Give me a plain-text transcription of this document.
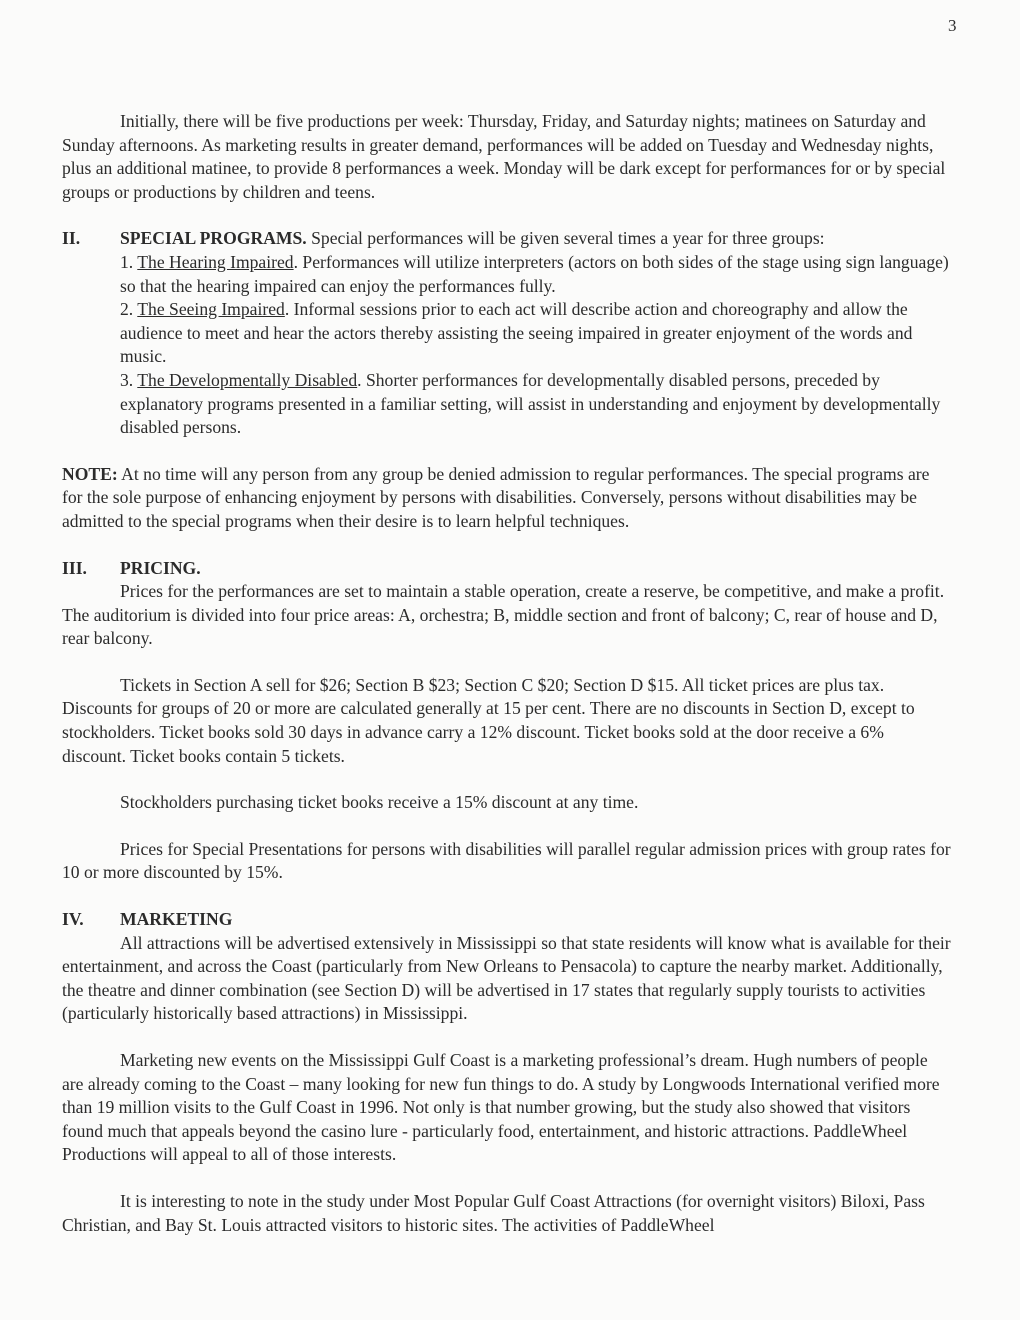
3

Initially, there will be five productions per week: Thursday, Friday, and Saturday nights; matinees on Saturday and Sunday afternoons. As marketing results in greater demand, performances will be added on Tuesday and Wednesday nights, plus an additional matinee, to provide 8 performances a week. Monday will be dark except for performances for or by special groups or productions by children and teens.

II.	SPECIAL PROGRAMS. Special performances will be given several times a year for three groups:

1. The Hearing Impaired. Performances will utilize interpreters (actors on both sides of the stage using sign language) so that the hearing impaired can enjoy the performances fully.

2. The Seeing Impaired. Informal sessions prior to each act will describe action and choreography and allow the audience to meet and hear the actors thereby assisting the seeing impaired in greater enjoyment of the words and music.

3. The Developmentally Disabled. Shorter performances for developmentally disabled persons, preceded by explanatory programs presented in a familiar setting, will assist in understanding and enjoyment by developmentally disabled persons.

NOTE: At no time will any person from any group be denied admission to regular performances. The special programs are for the sole purpose of enhancing enjoyment by persons with disabilities. Conversely, persons without disabilities may be admitted to the special programs when their desire is to learn helpful techniques.

III.	PRICING.

Prices for the performances are set to maintain a stable operation, create a reserve, be competitive, and make a profit. The auditorium is divided into four price areas: A, orchestra; B, middle section and front of balcony; C, rear of house and D, rear balcony.

Tickets in Section A sell for $26; Section B $23; Section C $20; Section D $15. All ticket prices are plus tax. Discounts for groups of 20 or more are calculated generally at 15 per cent. There are no discounts in Section D, except to stockholders. Ticket books sold 30 days in advance carry a 12% discount. Ticket books sold at the door receive a 6% discount. Ticket books contain 5 tickets.

Stockholders purchasing ticket books receive a 15% discount at any time.

Prices for Special Presentations for persons with disabilities will parallel regular admission prices with group rates for 10 or more discounted by 15%.

IV.	MARKETING

All attractions will be advertised extensively in Mississippi so that state residents will know what is available for their entertainment, and across the Coast (particularly from New Orleans to Pensacola) to capture the nearby market. Additionally, the theatre and dinner combination (see Section D) will be advertised in 17 states that regularly supply tourists to activities (particularly historically based attractions) in Mississippi.

Marketing new events on the Mississippi Gulf Coast is a marketing professional’s dream. Hugh numbers of people are already coming to the Coast – many looking for new fun things to do. A study by Longwoods International verified more than 19 million visits to the Gulf Coast in 1996. Not only is that number growing, but the study also showed that visitors found much that appeals beyond the casino lure - particularly food, entertainment, and historic attractions. PaddleWheel Productions will appeal to all of those interests.

It is interesting to note in the study under Most Popular Gulf Coast Attractions (for overnight visitors) Biloxi, Pass Christian, and Bay St. Louis attracted visitors to historic sites. The activities of PaddleWheel
